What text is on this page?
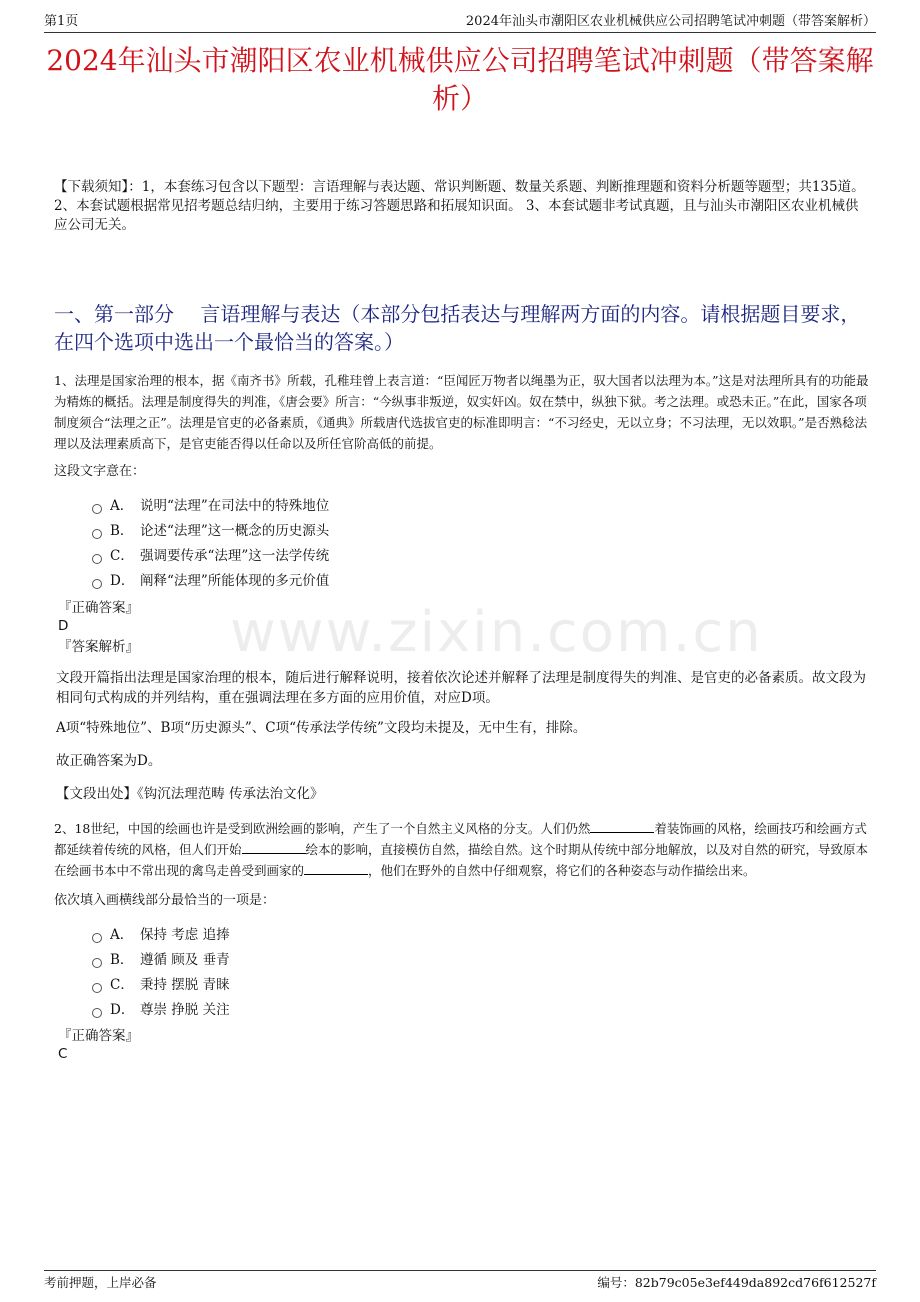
第1页	2024年汕头市潮阳区农业机械供应公司招聘笔试冲刺题（带答案解析）
2024年汕头市潮阳区农业机械供应公司招聘笔试冲刺题（带答案解析）
【下载须知】：1，本套练习包含以下题型：言语理解与表达题、常识判断题、数量关系题、判断推理题和资料分析题等题型；共135道。 2、本套试题根据常见招考题总结归纳，主要用于练习答题思路和拓展知识面。 3、本套试题非考试真题，且与汕头市潮阳区农业机械供应公司无关。
一、第一部分　 言语理解与表达（本部分包括表达与理解两方面的内容。请根据题目要求，在四个选项中选出一个最恰当的答案。）
1、法理是国家治理的根本，据《南齐书》所载，孔稚珪曾上表言道：“臣闻匠万物者以绳墨为正，驭大国者以法理为本。”这是对法理所具有的功能最为精炼的概括。法理是制度得失的判准，《唐会要》所言：“今纵事非叛逆，奴实奸凶。奴在禁中，纵独下狱。考之法理。或恐未正。”在此，国家各项制度须合“法理之正”。法理是官吏的必备素质，《通典》所载唐代选拔官吏的标准即明言：“不习经史，无以立身；不习法理，无以效职。”是否熟稔法理以及法理素质高下，是官吏能否得以任命以及所任官阶高低的前提。
这段文字意在：
A． 说明“法理”在司法中的特殊地位
B． 论述“法理”这一概念的历史源头
C． 强调要传承“法理”这一法学传统
D． 阐释“法理”所能体现的多元价值
『正确答案』
D
『答案解析』 www.zixin.com.cn
文段开篇指出法理是国家治理的根本，随后进行解释说明，接着依次论述并解释了法理是制度得失的判准、是官吏的必备素质。故文段为相同句式构成的并列结构，重在强调法理在多方面的应用价值，对应D项。
A项“特殊地位”、B项“历史源头”、C项“传承法学传统”文段均未提及，无中生有，排除。
故正确答案为D。
【文段出处】《钩沉法理范畴 传承法治文化》
2、18世纪，中国的绘画也许是受到欧洲绘画的影响，产生了一个自然主义风格的分支。人们仍然	着装饰画的风格，绘画技巧和绘画方式都延续着传统的风格，但人们开始	绘本的影响，直接模仿自然，描绘自然。这个时期从传统中部分地解放，以及对自然的研究，导致原本在绘画书本中不常出现的禽鸟走兽受到画家的	，他们在野外的自然中仔细观察，将它们的各种姿态与动作描绘出来。
依次填入画横线部分最恰当的一项是：
A． 保持 考虑 追捧
B． 遵循 顾及 垂青
C． 秉持 摆脱 青睐
D． 尊崇 挣脱 关注
『正确答案』
C
考前押题，上岸必备	编号：82b79c05e3ef449da892cd76f612527f
